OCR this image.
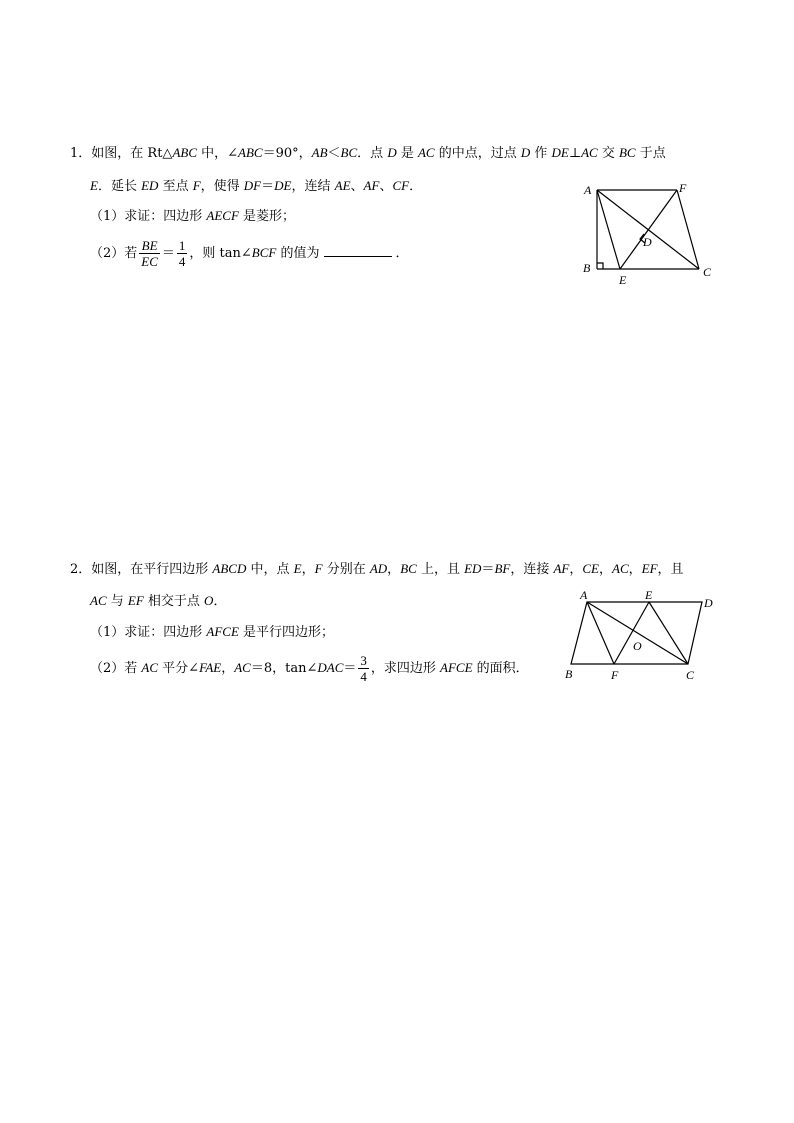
1．如图，在 Rt△ABC 中，∠ABC＝90°，AB＜BC．点 D 是 AC 的中点，过点 D 作 DE⊥AC 交 BC 于点
E．延长 ED 至点 F，使得 DF＝DE，连结 AE、AF、CF．
（1）求证：四边形 AECF 是菱形；
（2）若 $\frac{BE}{EC} = \frac{1}{4}$ ，则 tan∠BCF 的值为	．
A	F
D
B
E
C
2．如图，在平行四边形 ABCD 中，点 E，F 分别在 AD，BC 上，且 ED＝BF，连接 AF，CE，AC，EF，且
AC 与 EF 相交于点 O．
（1）求证：四边形 AFCE 是平行四边形；
（2）若 AC 平分∠FAE，AC＝8，tan∠DAC＝ $\frac{3}{4}$ ，求四边形 AFCE 的面积．
A	E
D
O
B	F	C
